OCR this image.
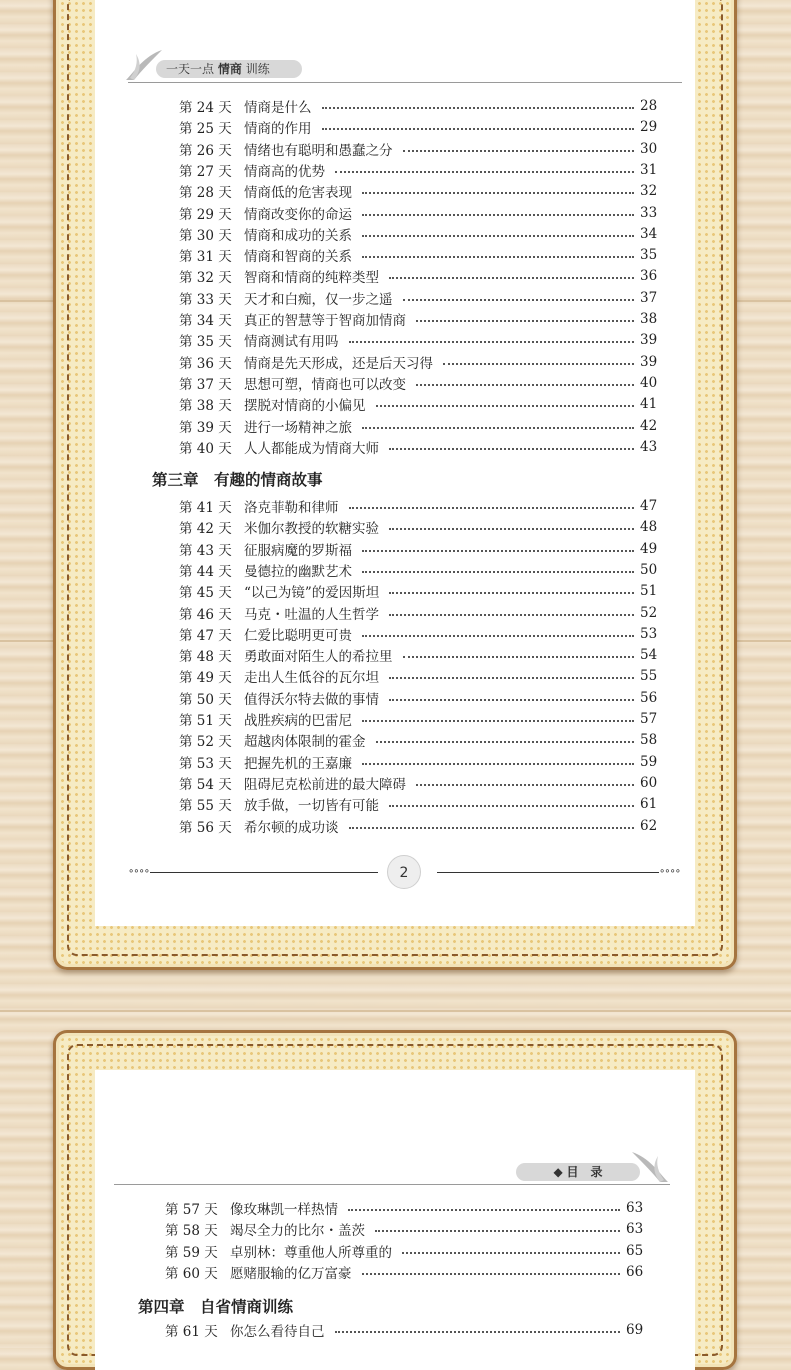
一天一点 情商 训练
第 24 天 情商是什么	28
第 25 天 情商的作用	29
第 26 天 情绪也有聪明和愚蠢之分	30
第 27 天 情商高的优势	31
第 28 天 情商低的危害表现	32
第 29 天 情商改变你的命运	33
第 30 天 情商和成功的关系	34
第 31 天 情商和智商的关系	35
第 32 天 智商和情商的纯粹类型	36
第 33 天 天才和白痴，仅一步之遥	37
第 34 天 真正的智慧等于智商加情商	38
第 35 天 情商测试有用吗	39
第 36 天 情商是先天形成，还是后天习得	39
第 37 天 思想可塑，情商也可以改变	40
第 38 天 摆脱对情商的小偏见	41
第 39 天 进行一场精神之旅	42
第 40 天 人人都能成为情商大师	43
第三章　有趣的情商故事
第 41 天 洛克菲勒和律师	47
第 42 天 米伽尔教授的软糖实验	48
第 43 天 征服病魔的罗斯福	49
第 44 天 曼德拉的幽默艺术	50
第 45 天 “以己为镜”的爱因斯坦	51
第 46 天 马克・吐温的人生哲学	52
第 47 天 仁爱比聪明更可贵	53
第 48 天 勇敢面对陌生人的希拉里	54
第 49 天 走出人生低谷的瓦尔坦	55
第 50 天 值得沃尔特去做的事情	56
第 51 天 战胜疾病的巴雷尼	57
第 52 天 超越肉体限制的霍金	58
第 53 天 把握先机的王嘉廉	59
第 54 天 阻碍尼克松前进的最大障碍	60
第 55 天 放手做，一切皆有可能	61
第 56 天 希尔顿的成功谈	62
∘∘∘∘	2	∘∘∘∘
◆ 目　录
第 57 天 像玫琳凯一样热情	63
第 58 天 竭尽全力的比尔・盖茨	63
第 59 天 卓别林：尊重他人所尊重的	65
第 60 天 愿赌服输的亿万富豪	66
第四章　自省情商训练
第 61 天 你怎么看待自己	69
